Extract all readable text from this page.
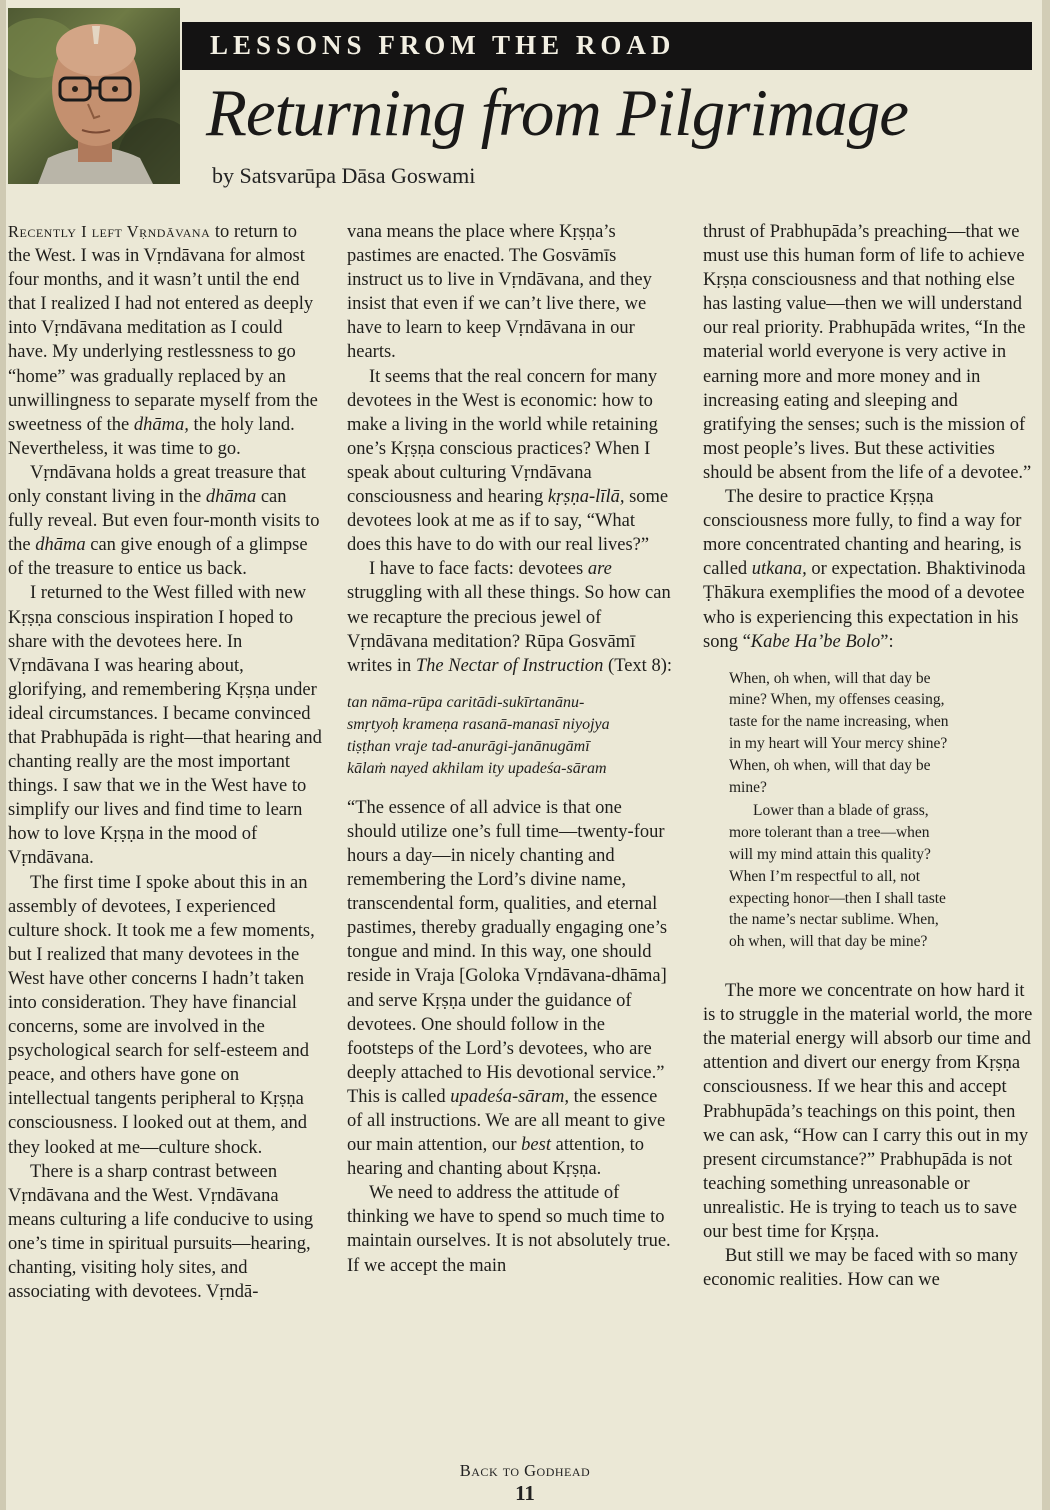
LESSONS FROM THE ROAD
Returning from Pilgrimage
by Satsvarūpa Dāsa Goswami

Recently I left Vṛndāvana to return to the West. I was in Vṛndāvana for almost four months, and it wasn’t until the end that I realized I had not entered as deeply into Vṛndāvana meditation as I could have. My underlying restlessness to go “home” was gradually replaced by an unwillingness to separate myself from the sweetness of the dhāma, the holy land. Nevertheless, it was time to go.

Vṛndāvana holds a great treasure that only constant living in the dhāma can fully reveal. But even four-month visits to the dhāma can give enough of a glimpse of the treasure to entice us back.

I returned to the West filled with new Kṛṣṇa conscious inspiration I hoped to share with the devotees here. In Vṛndāvana I was hearing about, glorifying, and remembering Kṛṣṇa under ideal circumstances. I became convinced that Prabhupāda is right—that hearing and chanting really are the most important things. I saw that we in the West have to simplify our lives and find time to learn how to love Kṛṣṇa in the mood of Vṛndāvana.

The first time I spoke about this in an assembly of devotees, I experienced culture shock. It took me a few moments, but I realized that many devotees in the West have other concerns I hadn’t taken into consideration. They have financial concerns, some are involved in the psychological search for self-esteem and peace, and others have gone on intellectual tangents peripheral to Kṛṣṇa consciousness. I looked out at them, and they looked at me—culture shock.

There is a sharp contrast between Vṛndāvana and the West. Vṛndāvana means culturing a life conducive to using one’s time in spiritual pursuits—hearing, chanting, visiting holy sites, and associating with devotees. Vṛndā-

vana means the place where Kṛṣṇa’s pastimes are enacted. The Gosvāmīs instruct us to live in Vṛndāvana, and they insist that even if we can’t live there, we have to learn to keep Vṛndāvana in our hearts.

It seems that the real concern for many devotees in the West is economic: how to make a living in the world while retaining one’s Kṛṣṇa conscious practices? When I speak about culturing Vṛndāvana consciousness and hearing kṛṣṇa-līlā, some devotees look at me as if to say, “What does this have to do with our real lives?”

I have to face facts: devotees are struggling with all these things. So how can we recapture the precious jewel of Vṛndāvana meditation? Rūpa Gosvāmī writes in The Nectar of Instruction (Text 8):

tan nāma-rūpa caritādi-sukīrtanānu-
smṛtyoḥ krameṇa rasanā-manasī niyojya
tiṣṭhan vraje tad-anurāgi-janānugāmī
kālaṁ nayed akhilam ity upadeśa-sāram

“The essence of all advice is that one should utilize one’s full time—twenty-four hours a day—in nicely chanting and remembering the Lord’s divine name, transcendental form, qualities, and eternal pastimes, thereby gradually engaging one’s tongue and mind. In this way, one should reside in Vraja [Goloka Vṛndāvana-dhāma] and serve Kṛṣṇa under the guidance of devotees. One should follow in the footsteps of the Lord’s devotees, who are deeply attached to His devotional service.” This is called upadeśa-sāram, the essence of all instructions. We are all meant to give our main attention, our best attention, to hearing and chanting about Kṛṣṇa.

We need to address the attitude of thinking we have to spend so much time to maintain ourselves. It is not absolutely true. If we accept the main

thrust of Prabhupāda’s preaching—that we must use this human form of life to achieve Kṛṣṇa consciousness and that nothing else has lasting value—then we will understand our real priority. Prabhupāda writes, “In the material world everyone is very active in earning more and more money and in increasing eating and sleeping and gratifying the senses; such is the mission of most people’s lives. But these activities should be absent from the life of a devotee.”

The desire to practice Kṛṣṇa consciousness more fully, to find a way for more concentrated chanting and hearing, is called utkana, or expectation. Bhaktivinoda Ṭhākura exemplifies the mood of a devotee who is experiencing this expectation in his song “Kabe Ha’be Bolo”:

When, oh when, will that day be
mine? When, my offenses ceasing,
taste for the name increasing, when
in my heart will Your mercy shine?
When, oh when, will that day be
mine?
Lower than a blade of grass,
more tolerant than a tree—when
will my mind attain this quality?
When I’m respectful to all, not
expecting honor—then I shall taste
the name’s nectar sublime. When,
oh when, will that day be mine?

The more we concentrate on how hard it is to struggle in the material world, the more the material energy will absorb our time and attention and divert our energy from Kṛṣṇa consciousness. If we hear this and accept Prabhupāda’s teachings on this point, then we can ask, “How can I carry this out in my present circumstance?” Prabhupāda is not teaching something unreasonable or unrealistic. He is trying to teach us to save our best time for Kṛṣṇa.

But still we may be faced with so many economic realities. How can we

Back to Godhead
11
